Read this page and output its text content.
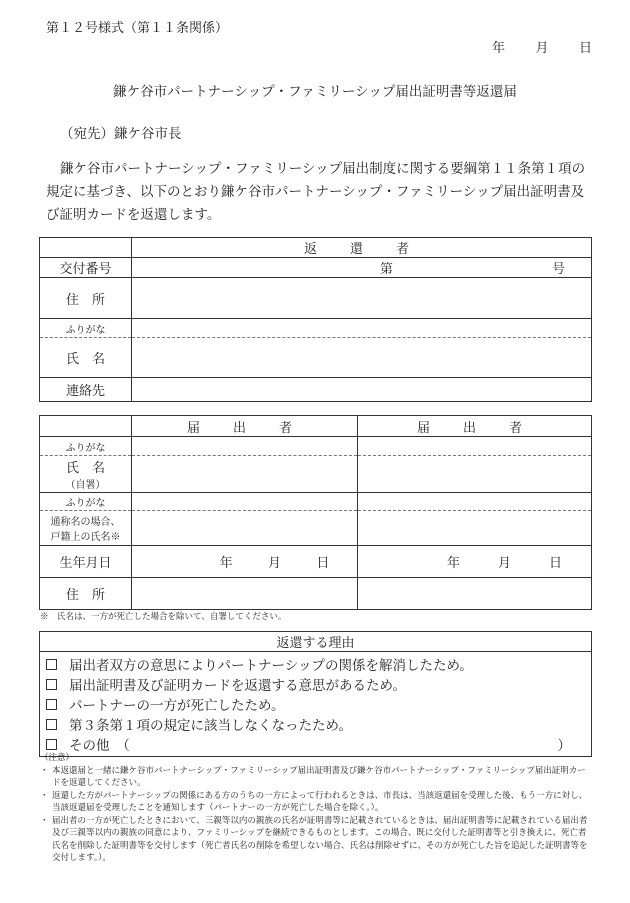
第１２号様式（第１１条関係）
年 月 日
鎌ケ谷市パートナーシップ・ファミリーシップ届出証明書等返還届
（宛先）鎌ケ谷市長
鎌ケ谷市パートナーシップ・ファミリーシップ届出制度に関する要綱第１１条第１項の規定に基づき、以下のとおり鎌ケ谷市パートナーシップ・ファミリーシップ届出証明書及び証明カードを返還します。
	返　還　者
交付番号	第 号
住　所	
ふりがな	
氏　名	
連絡先	
	届　出　者	届　出　者
ふりがな		

氏　名
（自署）		

ふりがな		

通称名の場合、
戸籍上の氏名※		

生年月日	年 月 日	年 月 日

住　所		
※　氏名は、一方が死亡した場合を除いて、自署してください。
返還する理由
届出者双方の意思によりパートナーシップの関係を解消したため。
届出証明書及び証明カードを返還する意思があるため。
パートナーの一方が死亡したため。
第３条第１項の規定に該当しなくなったため。
その他　（	）
（注意）
・ 本返還届と一緒に鎌ケ谷市パートナーシップ・ファミリーシップ届出証明書及び鎌ケ谷市パートナーシップ・ファミリーシップ届出証明カードを返還してください。
・ 返還した方がパートナーシップの関係にある方のうちの一方によって行われるときは、市長は、当該返還届を受理した後、もう一方に対し、当該返還届を受理したことを通知します（パートナーの一方が死亡した場合を除く。）。
・ 届出者の一方が死亡したときにおいて、三親等以内の親族の氏名が証明書等に記載されているときは、届出証明書等に記載されている届出者及び三親等以内の親族の同意により、ファミリーシップを継続できるものとします。この場合、既に交付した証明書等と引き換えに、死亡者氏名を削除した証明書等を交付します（死亡者氏名の削除を希望しない場合、氏名は削除せずに、その方が死亡した旨を追記した証明書等を交付します。）。
